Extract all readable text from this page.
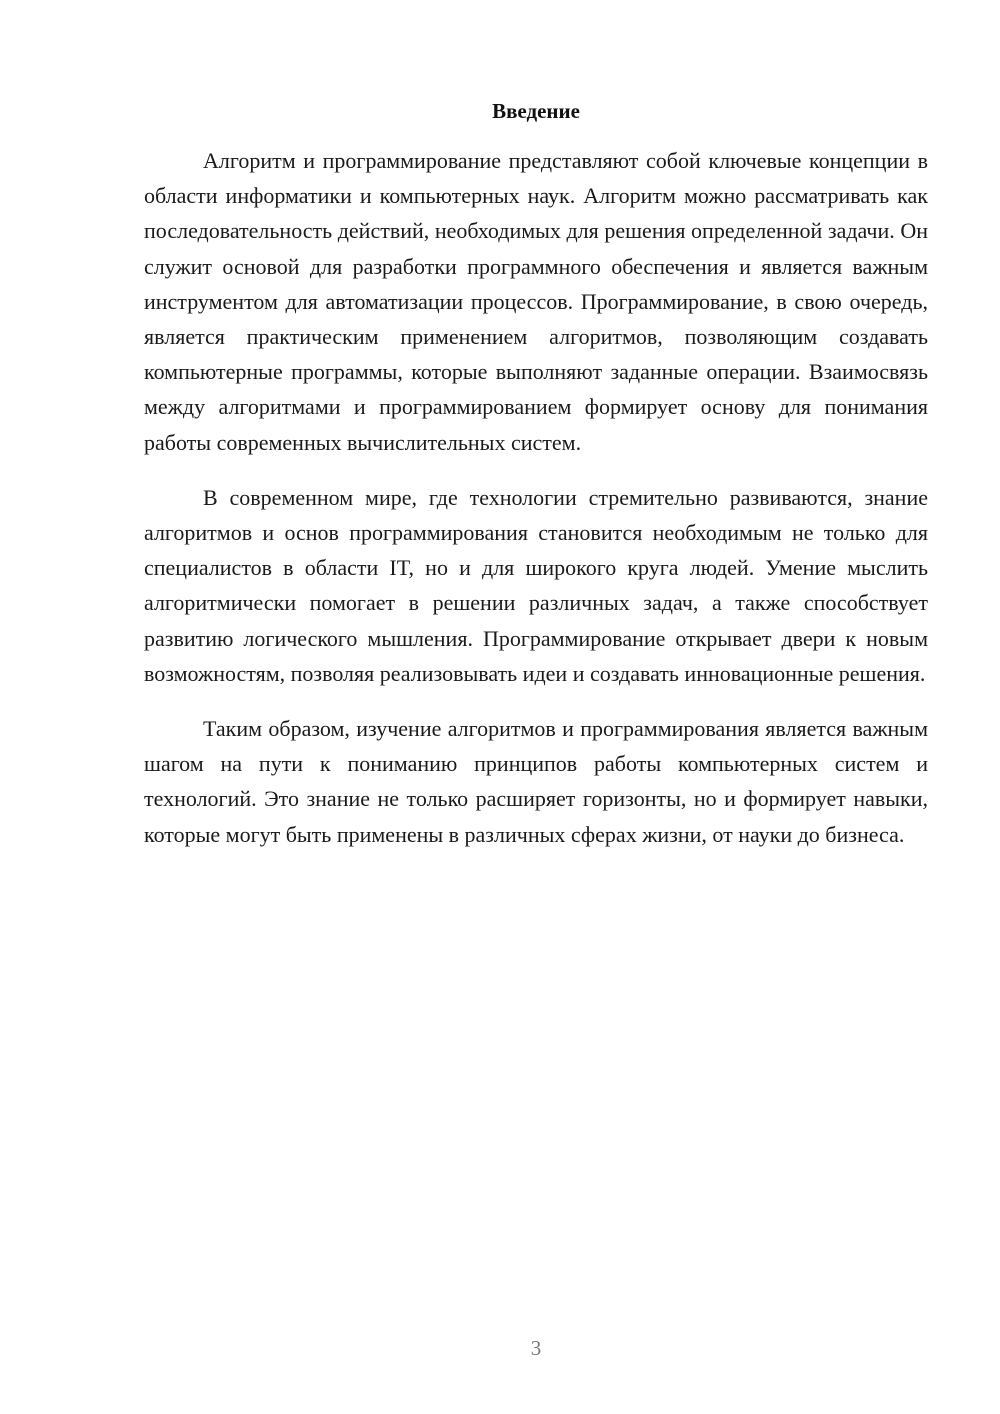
Введение

Алгоритм и программирование представляют собой ключевые концепции в области информатики и компьютерных наук. Алгоритм можно рассматривать как последовательность действий, необходимых для решения определенной задачи. Он служит основой для разработки программного обеспечения и является важным инструментом для автоматизации процессов. Программирование, в свою очередь, является практическим применением алгоритмов, позволяющим создавать компьютерные программы, которые выполняют заданные операции. Взаимосвязь между алгоритмами и программированием формирует основу для понимания работы современных вычислительных систем.

В современном мире, где технологии стремительно развиваются, знание алгоритмов и основ программирования становится необходимым не только для специалистов в области IT, но и для широкого круга людей. Умение мыслить алгоритмически помогает в решении различных задач, а также способствует развитию логического мышления. Программирование открывает двери к новым возможностям, позволяя реализовывать идеи и создавать инновационные решения.

Таким образом, изучение алгоритмов и программирования является важным шагом на пути к пониманию принципов работы компьютерных систем и технологий. Это знание не только расширяет горизонты, но и формирует навыки, которые могут быть применены в различных сферах жизни, от науки до бизнеса.

3
